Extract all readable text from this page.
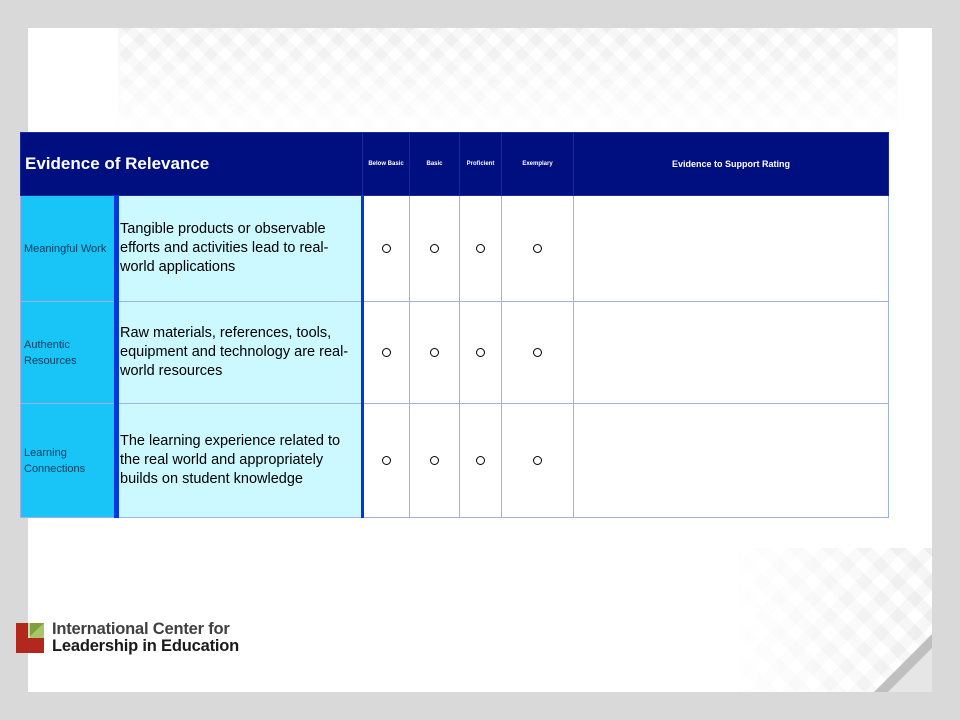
Evidence of Relevance		Below Basic	Basic	Proficient	Exemplary	Evidence to Support Rating
Meaningful Work	Tangible products or observable efforts and activities lead to real-world applications					
Authentic Resources	Raw materials, references, tools, equipment and technology are real-world resources					
Learning Connections	The learning experience related to the real world and appropriately builds on student knowledge					
International Center for
Leadership in Education
